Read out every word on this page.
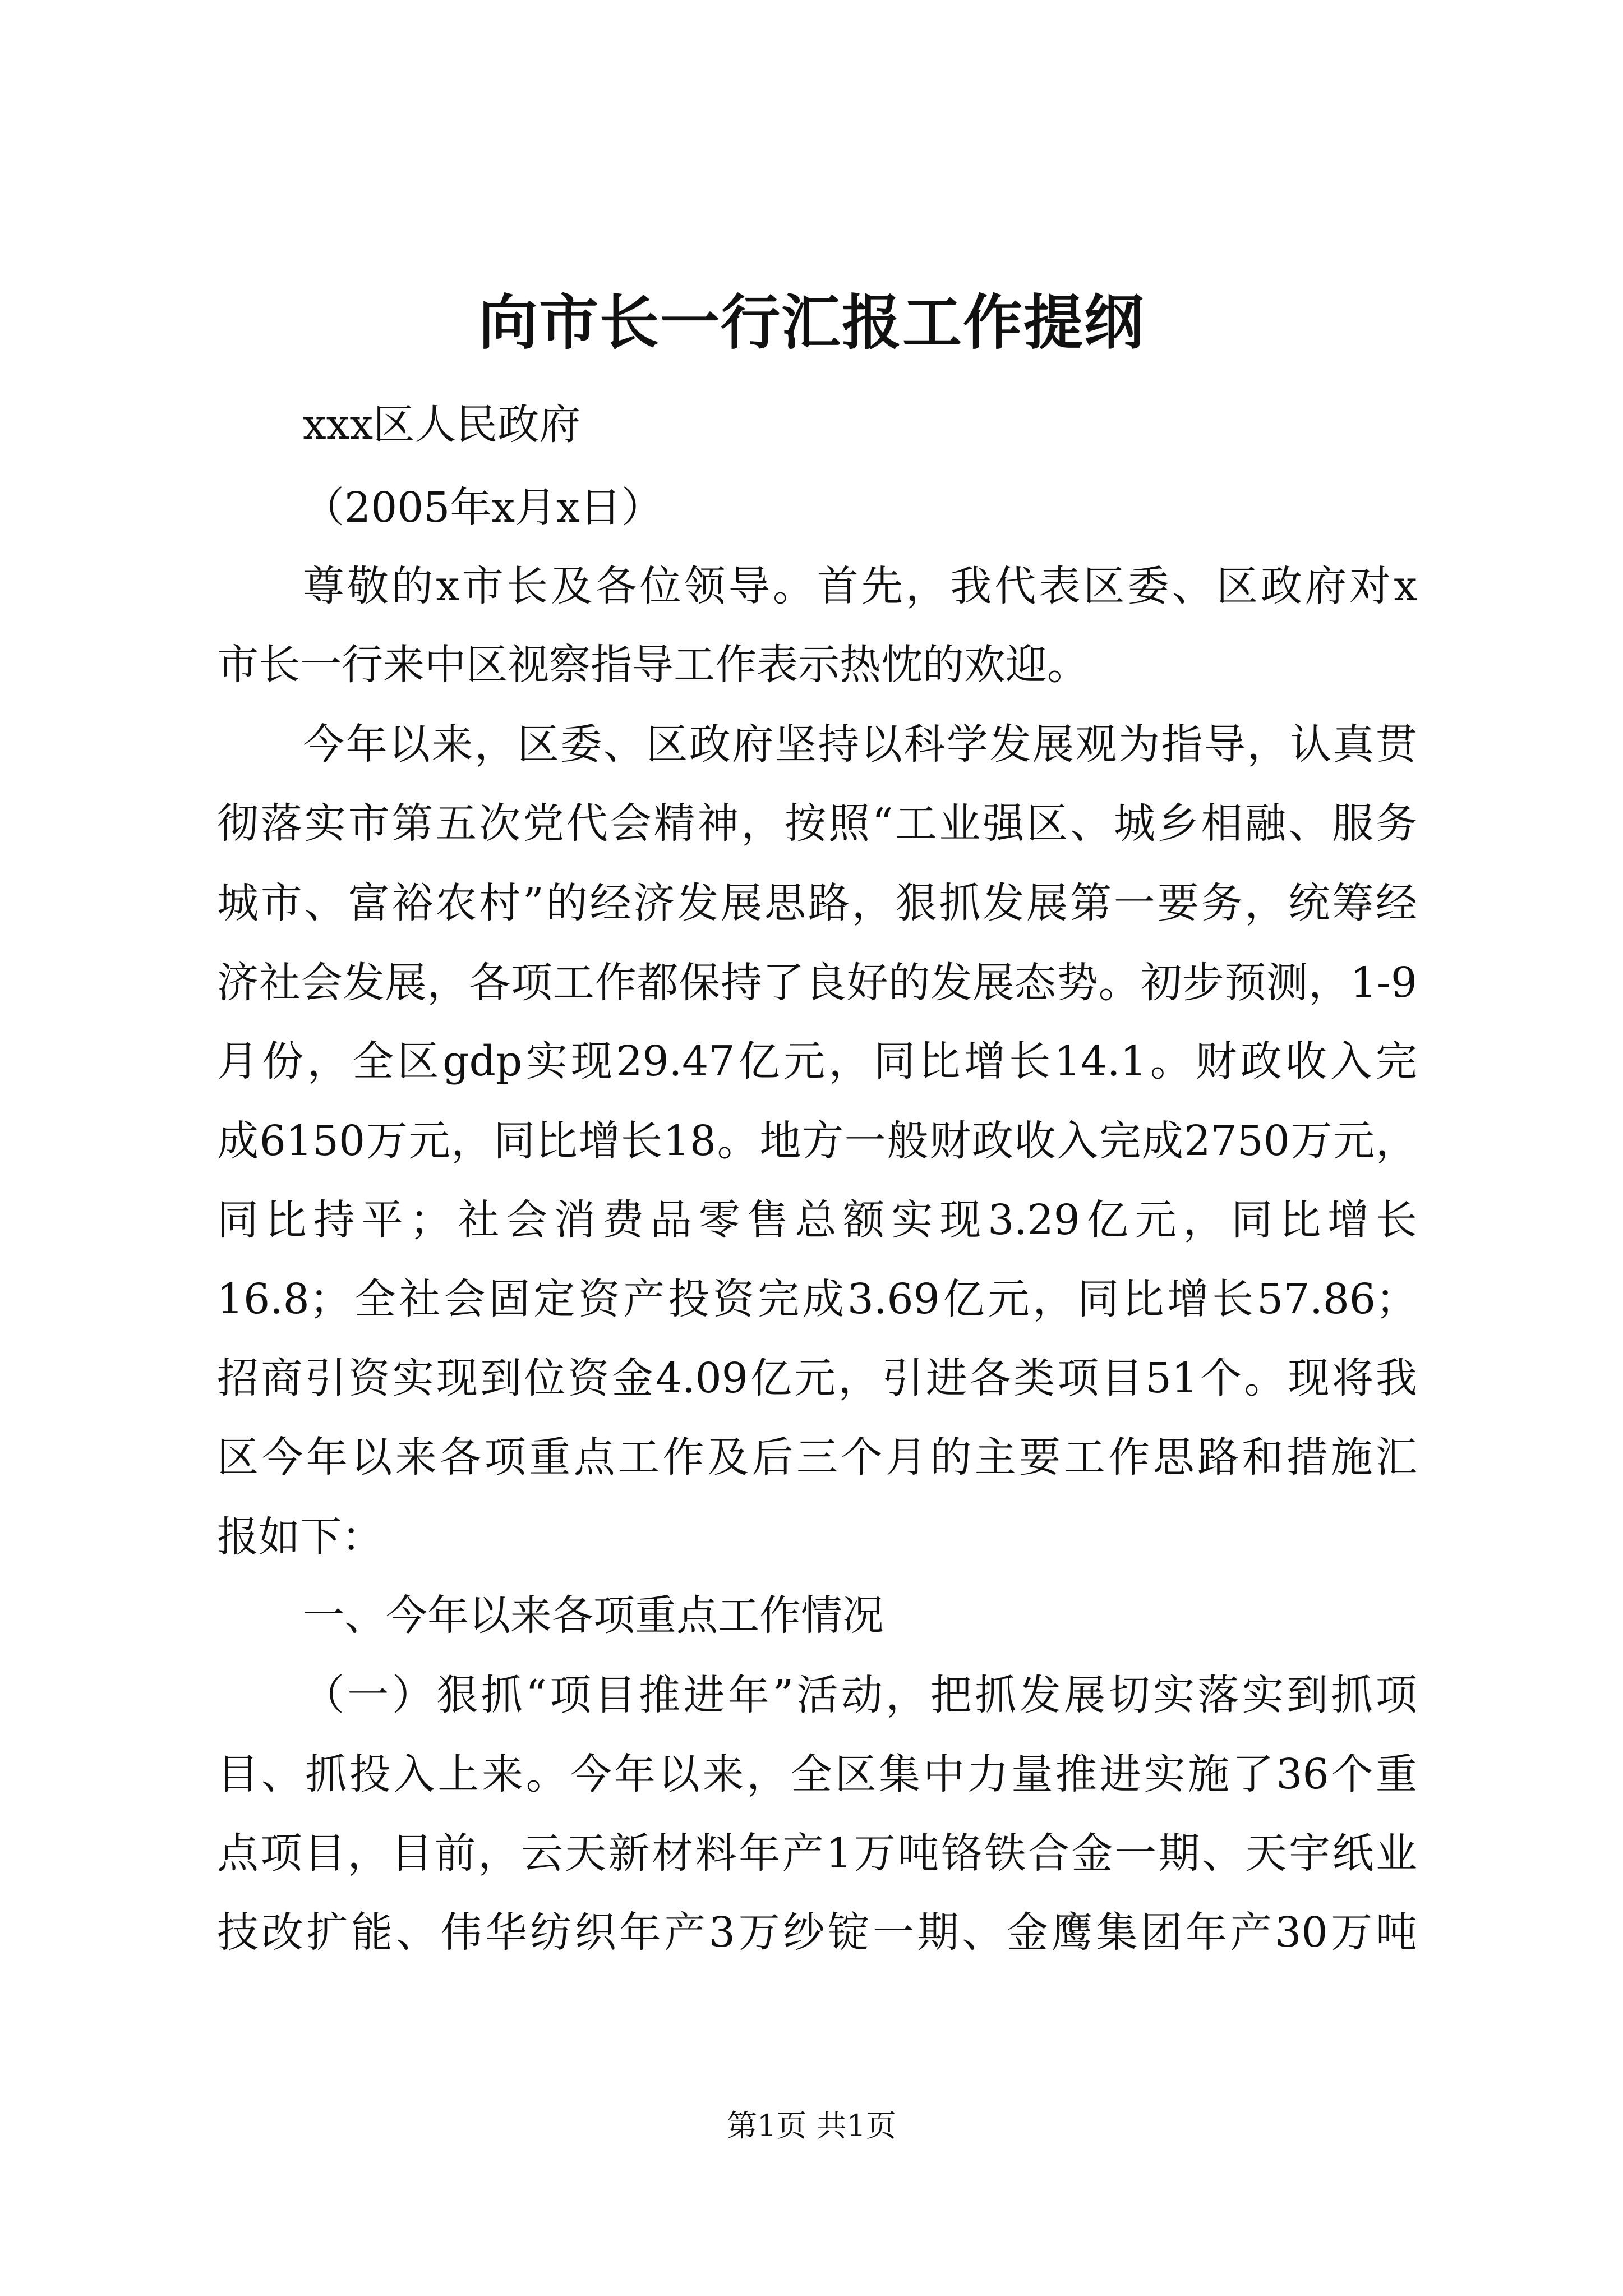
向市长一行汇报工作提纲

xxx区人民政府

（2005年x月x日）

尊敬的x市长及各位领导。首先，我代表区委、区政府对x

市长一行来中区视察指导工作表示热忱的欢迎。

今年以来，区委、区政府坚持以科学发展观为指导，认真贯

彻落实市第五次党代会精神，按照“工业强区、城乡相融、服务

城市、富裕农村”的经济发展思路，狠抓发展第一要务，统筹经

济社会发展，各项工作都保持了良好的发展态势。初步预测，1-9

月份，全区gdp实现29.47亿元，同比增长14.1。财政收入完

成6150万元，同比增长18。地方一般财政收入完成2750万元，

同比持平；社会消费品零售总额实现3.29亿元，同比增长

16.8；全社会固定资产投资完成3.69亿元，同比增长57.86；

招商引资实现到位资金4.09亿元，引进各类项目51个。现将我

区今年以来各项重点工作及后三个月的主要工作思路和措施汇

报如下：

一、今年以来各项重点工作情况

（一）狠抓“项目推进年”活动，把抓发展切实落实到抓项

目、抓投入上来。今年以来，全区集中力量推进实施了36个重

点项目，目前，云天新材料年产1万吨铬铁合金一期、天宇纸业

技改扩能、伟华纺织年产3万纱锭一期、金鹰集团年产30万吨

第1页 共1页
